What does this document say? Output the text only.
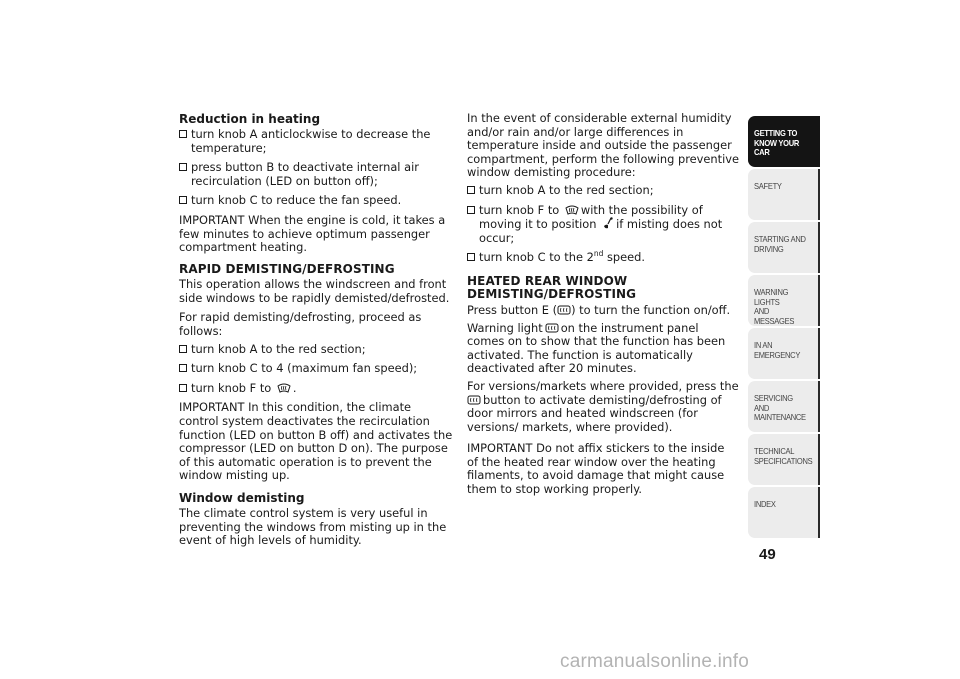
Reduction in heating
turn knob A anticlockwise to decrease the temperature;
press button B to deactivate internal air recirculation (LED on button off);
turn knob C to reduce the fan speed.

IMPORTANT When the engine is cold, it takes a few minutes to achieve optimum passenger compartment heating.

RAPID DEMISTING/DEFROSTING

This operation allows the windscreen and front side windows to be rapidly demisted/defrosted.

For rapid demisting/defrosting, proceed as follows:

turn knob A to the red section;
turn knob C to 4 (maximum fan speed);
turn knob F to .

IMPORTANT In this condition, the climate control system deactivates the recirculation function (LED on button B off) and activates the compressor (LED on button D on). The purpose of this automatic operation is to prevent the window misting up.

Window demisting

The climate control system is very useful in preventing the windows from misting up in the event of high levels of humidity.

In the event of considerable external humidity and/or rain and/or large differences in temperature inside and outside the passenger compartment, perform the following preventive window demisting procedure:

turn knob A to the red section;
turn knob F to with the possibility of moving it to position if misting does not occur;
turn knob C to the 2nd speed.
HEATED REAR WINDOW DEMISTING/DEFROSTING

Press button E ( ) to turn the function on/off.

Warning light on the instrument panel comes on to show that the function has been activated. The function is automatically deactivated after 20 minutes.

For versions/markets where provided, press the button to activate demisting/defrosting of door mirrors and heated windscreen (for versions/ markets, where provided).

IMPORTANT Do not affix stickers to the inside of the heated rear window over the heating filaments, to avoid damage that might cause them to stop working properly.

GETTING TO
KNOW YOUR CAR
SAFETY
STARTING AND
DRIVING
WARNING LIGHTS
AND MESSAGES
IN AN EMERGENCY
SERVICING AND
MAINTENANCE
TECHNICAL
SPECIFICATIONS
INDEX
49
carmanualsonline.info
